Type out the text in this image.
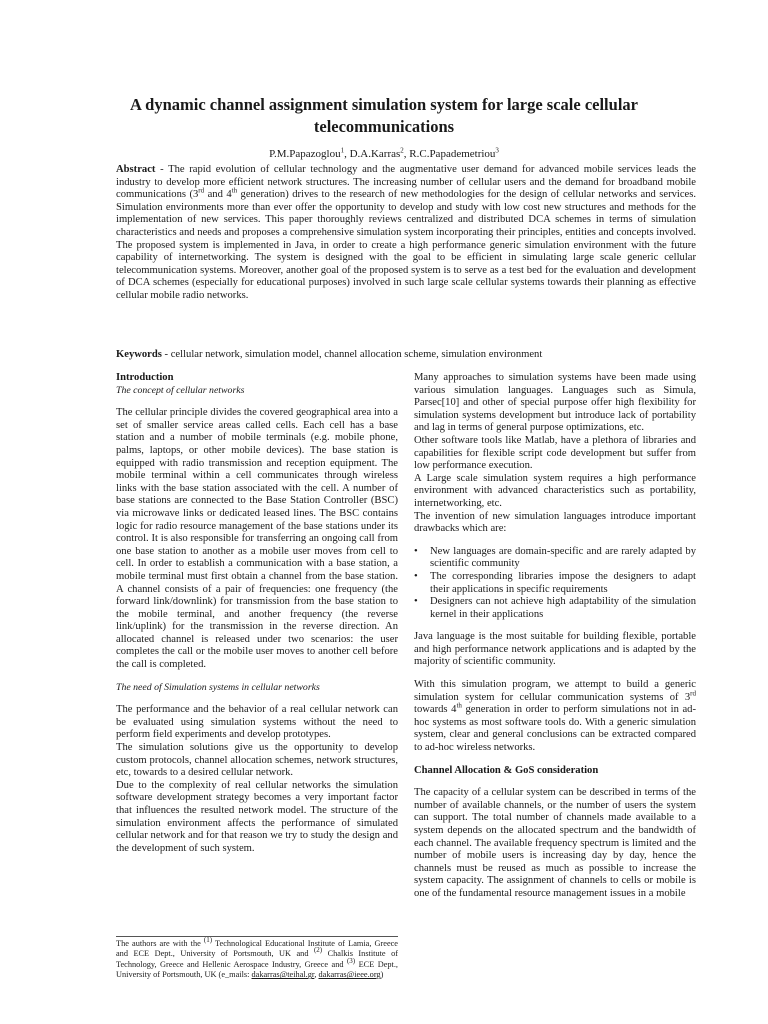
A dynamic channel assignment simulation system for large scale cellular telecommunications
P.M.Papazoglou$^1$, D.A.Karras$^2$, R.C.Papademetriou$^3$

Abstract - The rapid evolution of cellular technology and the augmentative user demand for advanced mobile services leads the industry to develop more efficient network structures. The increasing number of cellular users and the demand for broadband mobile communications (3rd and 4th generation) drives to the research of new methodologies for the design of cellular networks and services. Simulation environments more than ever offer the opportunity to develop and study with low cost new structures and methods for the implementation of new services. This paper thoroughly reviews centralized and distributed DCA schemes in terms of simulation characteristics and needs and proposes a comprehensive simulation system incorporating their principles, entities and concepts involved. The proposed system is implemented in Java, in order to create a high performance generic simulation environment with the future capability of internetworking. The system is designed with the goal to be efficient in simulating large scale generic cellular telecommunication systems. Moreover, another goal of the proposed system is to serve as a test bed for the evaluation and development of DCA schemes (especially for educational purposes) involved in such large scale cellular systems towards their planning as effective cellular mobile radio networks.

Keywords - cellular network, simulation model, channel allocation scheme, simulation environment

Introduction

The concept of cellular networks

The cellular principle divides the covered geographical area into a set of smaller service areas called cells. Each cell has a base station and a number of mobile terminals (e.g. mobile phone, palms, laptops, or other mobile devices). The base station is equipped with radio transmission and reception equipment. The mobile terminal within a cell communicates through wireless links with the base station associated with the cell. A number of base stations are connected to the Base Station Controller (BSC) via microwave links or dedicated leased lines. The BSC contains logic for radio resource management of the base stations under its control. It is also responsible for transferring an ongoing call from one base station to another as a mobile user moves from cell to cell. In order to establish a communication with a base station, a mobile terminal must first obtain a channel from the base station. A channel consists of a pair of frequencies: one frequency (the forward link/downlink) for transmission from the base station to the mobile terminal, and another frequency (the reverse link/uplink) for the transmission in the reverse direction. An allocated channel is released under two scenarios: the user completes the call or the mobile user moves to another cell before the call is completed.

The need of Simulation systems in cellular networks

The performance and the behavior of a real cellular network can be evaluated using simulation systems without the need to perform field experiments and develop prototypes.

The simulation solutions give us the opportunity to develop custom protocols, channel allocation schemes, network structures, etc, towards to a desired cellular network.

Due to the complexity of real cellular networks the simulation software development strategy becomes a very important factor that influences the resulted network model. The structure of the simulation environment affects the performance of simulated cellular network and for that reason we try to study the design and the development of such system.

The authors are with the $^{(1)}$ Technological Educational Institute of Lamia, Greece and ECE Dept., University of Portsmouth, UK and $^{(2)}$ Chalkis Institute of Technology, Greece and Hellenic Aerospace Industry, Greece and $^{(3)}$ ECE Dept., University of Portsmouth, UK (e_mails: dakarras@teihal.gr, dakarras@ieee.org)

Many approaches to simulation systems have been made using various simulation languages. Languages such as Simula, Parsec[10] and other of special purpose offer high flexibility for simulation systems development but introduce lack of portability and lag in terms of general purpose optimizations, etc.

Other software tools like Matlab, have a plethora of libraries and capabilities for flexible script code development but suffer from low performance execution.

A Large scale simulation system requires a high performance environment with advanced characteristics such as portability, internetworking, etc.

The invention of new simulation languages introduce important drawbacks which are:

• New languages are domain-specific and are rarely adapted by scientific community
• The corresponding libraries impose the designers to adapt their applications in specific requirements
• Designers can not achieve high adaptability of the simulation kernel in their applications

Java language is the most suitable for building flexible, portable and high performance network applications and is adapted by the majority of scientific community.

With this simulation program, we attempt to build a generic simulation system for cellular communication systems of 3rd towards 4th generation in order to perform simulations not in ad-hoc systems as most software tools do. With a generic simulation system, clear and general conclusions can be extracted compared to ad-hoc wireless networks.

Channel Allocation & GoS consideration

The capacity of a cellular system can be described in terms of the number of available channels, or the number of users the system can support. The total number of channels made available to a system depends on the allocated spectrum and the bandwidth of each channel. The available frequency spectrum is limited and the number of mobile users is increasing day by day, hence the channels must be reused as much as possible to increase the system capacity. The assignment of channels to cells or mobile is one of the fundamental resource management issues in a mobile
